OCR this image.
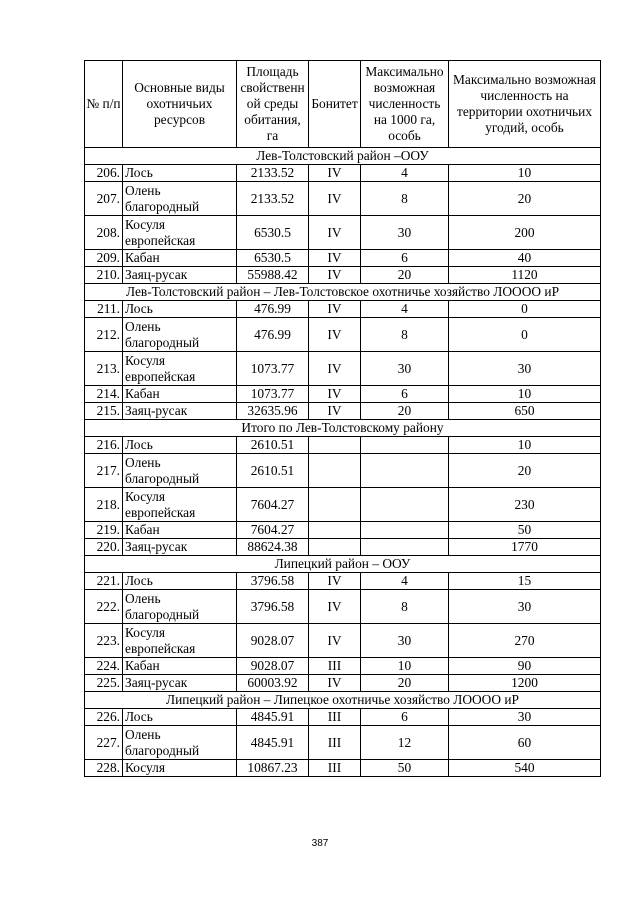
№ п/п	Основные виды охотничьих ресурсов	Площадь свойственн ой среды обитания, га	Бонитет	Максимально возможная численность на 1000 га, особь	Максимально возможная численность на территории охотничьих угодий, особь
Лев-Толстовский район –ООУ					
206.	Лось	2133.52	IV	4	10
207.	Олень благородный	2133.52	IV	8	20
208.	Косуля европейская	6530.5	IV	30	200
209.	Кабан	6530.5	IV	6	40
210.	Заяц-русак	55988.42	IV	20	1120
Лев-Толстовский район – Лев-Толстовское охотничье хозяйство ЛОООО иР					
211.	Лось	476.99	IV	4	0
212.	Олень благородный	476.99	IV	8	0
213.	Косуля европейская	1073.77	IV	30	30
214.	Кабан	1073.77	IV	6	10
215.	Заяц-русак	32635.96	IV	20	650
Итого по Лев-Толстовскому району					
216.	Лось	2610.51			10
217.	Олень благородный	2610.51			20
218.	Косуля европейская	7604.27			230
219.	Кабан	7604.27			50
220.	Заяц-русак	88624.38			1770
Липецкий район – ООУ					
221.	Лось	3796.58	IV	4	15
222.	Олень благородный	3796.58	IV	8	30
223.	Косуля европейская	9028.07	IV	30	270
224.	Кабан	9028.07	III	10	90
225.	Заяц-русак	60003.92	IV	20	1200
Липецкий район – Липецкое охотничье хозяйство ЛОООО иР					
226.	Лось	4845.91	III	6	30
227.	Олень благородный	4845.91	III	12	60
228.	Косуля	10867.23	III	50	540
387
